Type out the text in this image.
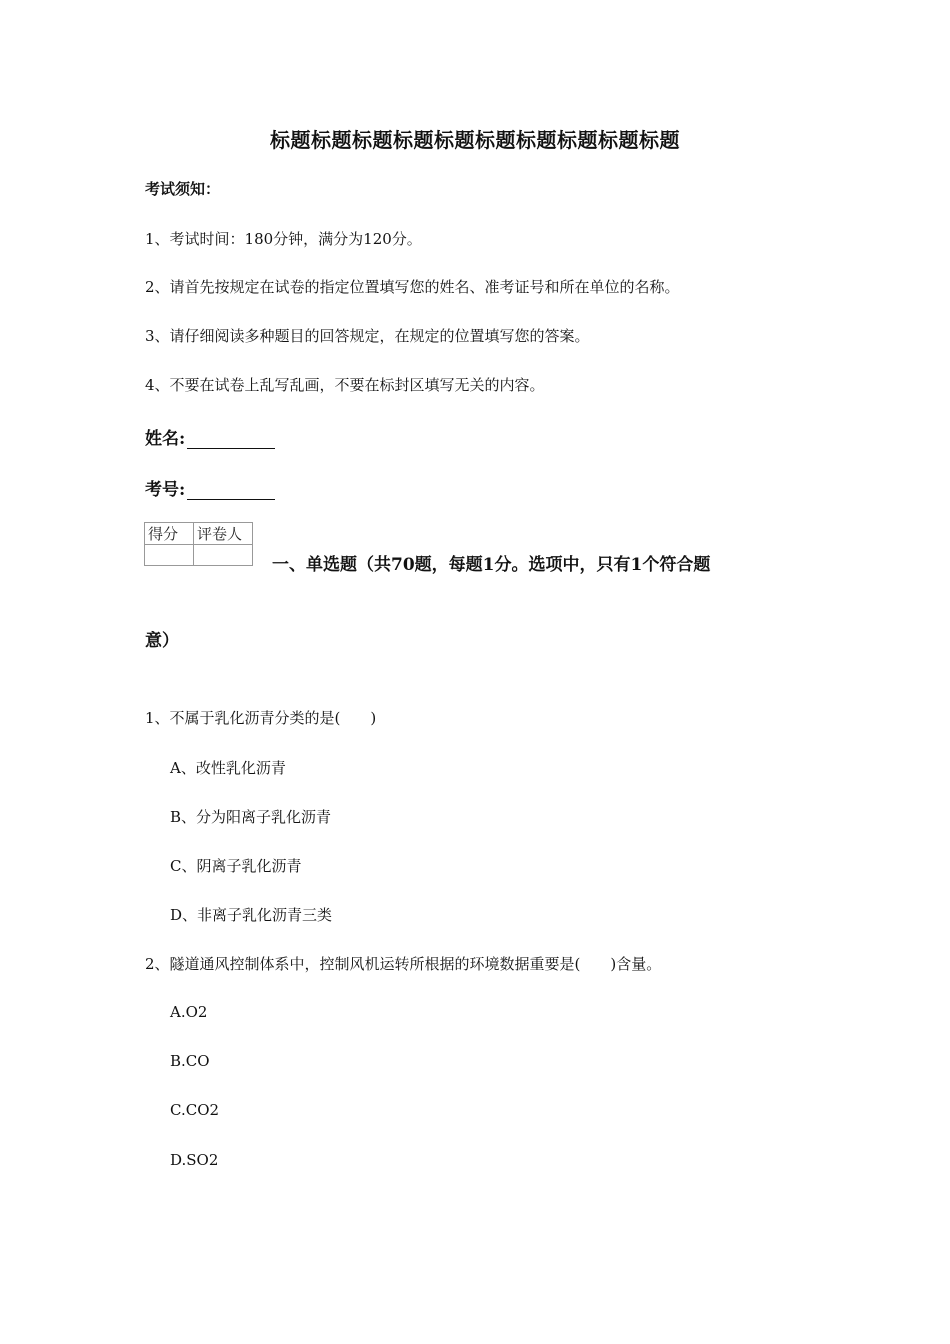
标题标题标题标题标题标题标题标题标题标题
考试须知：
1、考试时间：180分钟，满分为120分。
2、请首先按规定在试卷的指定位置填写您的姓名、准考证号和所在单位的名称。
3、请仔细阅读多种题目的回答规定，在规定的位置填写您的答案。
4、不要在试卷上乱写乱画，不要在标封区填写无关的内容。
姓名:
考号:
得分	评卷人

一、单选题（共70题，每题1分。选项中，只有1个符合题
意）
1、不属于乳化沥青分类的是(　　)
A、改性乳化沥青
B、分为阳离子乳化沥青
C、阴离子乳化沥青
D、非离子乳化沥青三类
2、隧道通风控制体系中，控制风机运转所根据的环境数据重要是(　　)含量。
A.O2
B.CO
C.CO2
D.SO2
